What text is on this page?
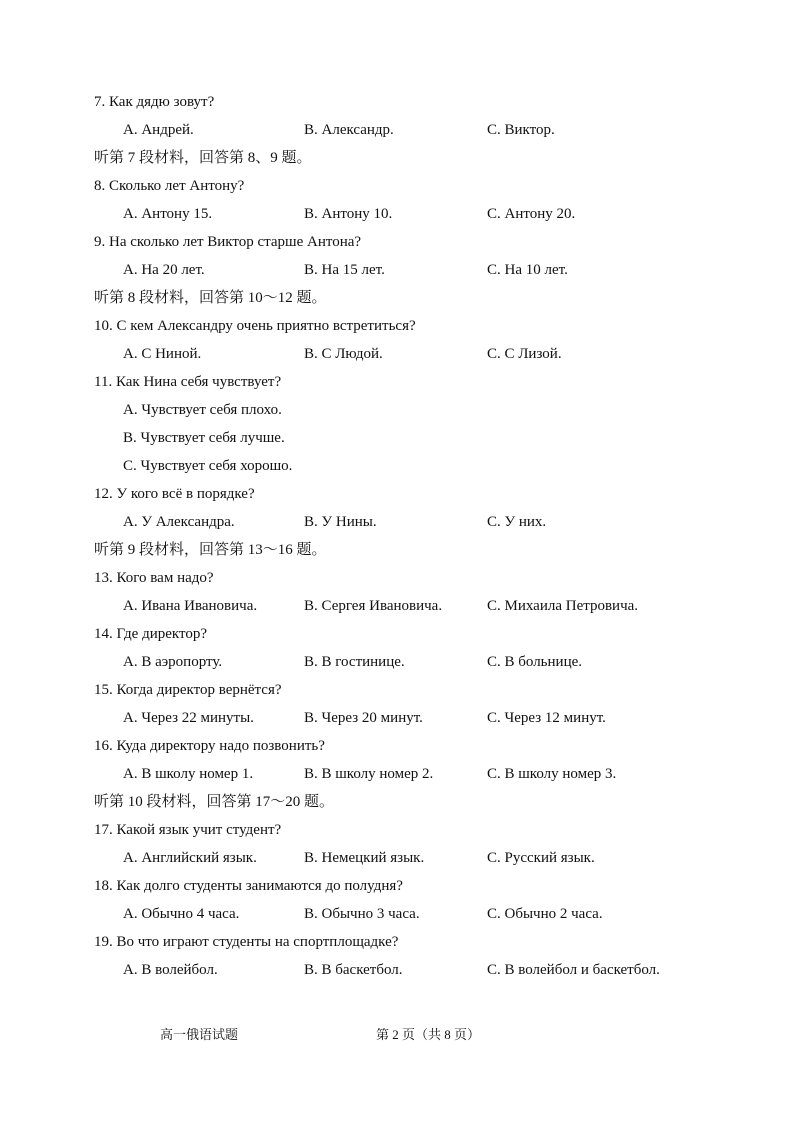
7. Как дядю зовут?
A. Андрей.	B. Александр.	C. Виктор.
听第 7 段材料，回答第 8、9 题。
8. Сколько лет Антону?
A. Антону 15.	B. Антону 10.	C. Антону 20.
9. На сколько лет Виктор старше Антона?
A. На 20 лет.	B. На 15 лет.	C. На 10 лет.
听第 8 段材料，回答第 10～12 题。
10. С кем Александру очень приятно встретиться?
A. С Ниной.	B. С Людой.	C. С Лизой.
11. Как Нина себя чувствует?
A. Чувствует себя плохо.
B. Чувствует себя лучше.
C. Чувствует себя хорошо.
12. У кого всё в порядке?
A. У Александра.	B. У Нины.	C. У них.
听第 9 段材料，回答第 13～16 题。
13. Кого вам надо?
A. Ивана Ивановича.	B. Сергея Ивановича.	C. Михаила Петровича.
14. Где директор?
A. В аэропорту.	B. В гостинице.	C. В больнице.
15. Когда директор вернётся?
A. Через 22 минуты.	B. Через 20 минут.	C. Через 12 минут.
16. Куда директору надо позвонить?
A. В школу номер 1.	B. В школу номер 2.	C. В школу номер 3.
听第 10 段材料，回答第 17～20 题。
17. Какой язык учит студент?
A. Английский язык.	B. Немецкий язык.	C. Русский язык.
18. Как долго студенты занимаются до полудня?
A. Обычно 4 часа.	B. Обычно 3 часа.	C. Обычно 2 часа.
19. Во что играют студенты на спортплощадке?
A. В волейбол.	B. В баскетбол.	C. В волейбол и баскетбол.
高一俄语试题	第 2 页（共 8 页）
